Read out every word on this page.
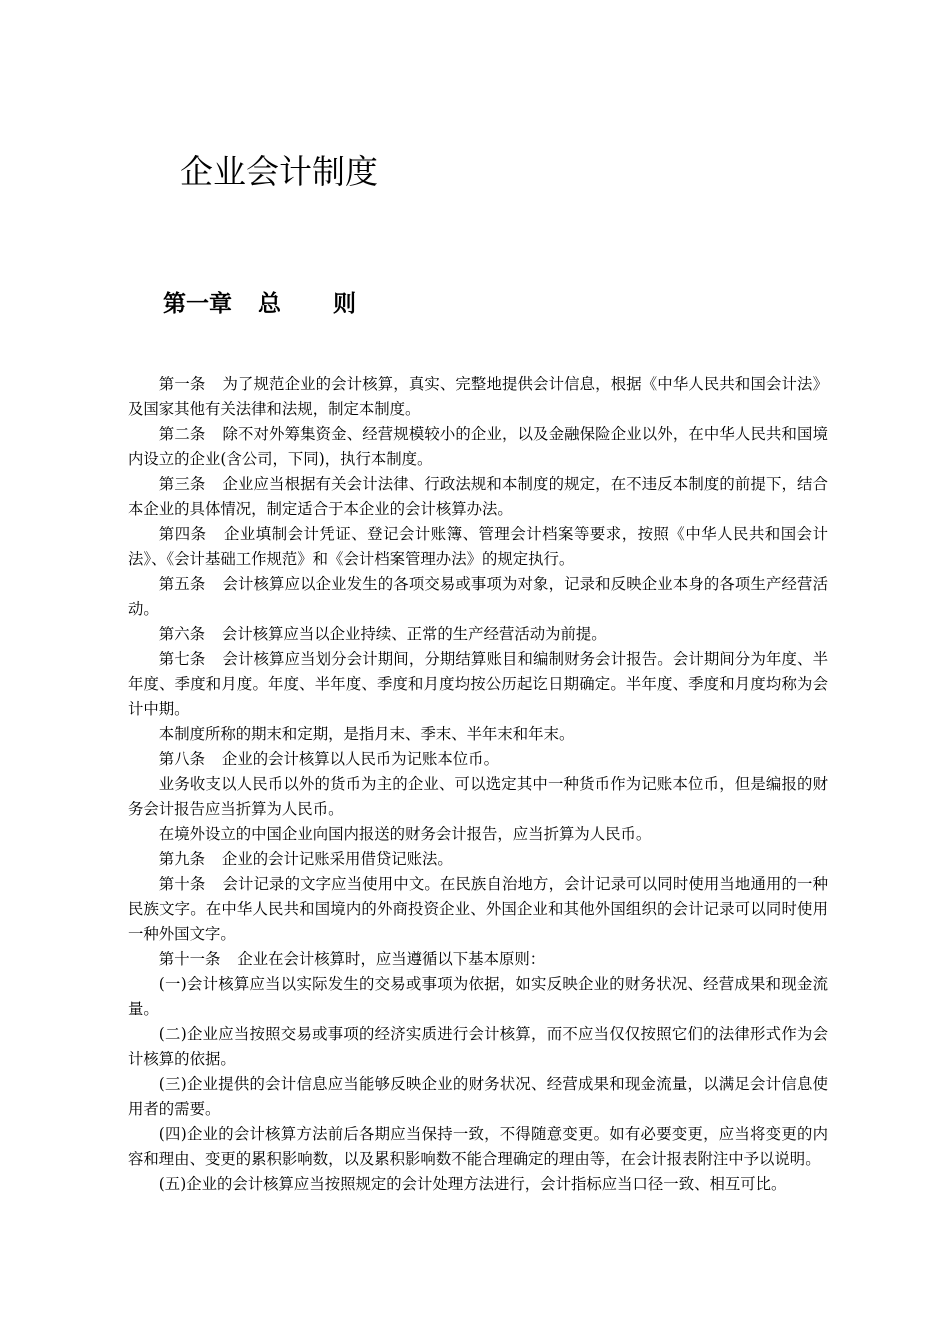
企业会计制度
第一章 总 则

第一条 为了规范企业的会计核算，真实、完整地提供会计信息，根据《中华人民共和国会计法》及国家其他有关法律和法规，制定本制度。

第二条 除不对外筹集资金、经营规模较小的企业，以及金融保险企业以外，在中华人民共和国境内设立的企业(含公司，下同)，执行本制度。

第三条 企业应当根据有关会计法律、行政法规和本制度的规定，在不违反本制度的前提下，结合本企业的具体情况，制定适合于本企业的会计核算办法。

第四条 企业填制会计凭证、登记会计账簿、管理会计档案等要求，按照《中华人民共和国会计法》、《会计基础工作规范》和《会计档案管理办法》的规定执行。

第五条 会计核算应以企业发生的各项交易或事项为对象，记录和反映企业本身的各项生产经营活动。

第六条 会计核算应当以企业持续、正常的生产经营活动为前提。

第七条 会计核算应当划分会计期间，分期结算账目和编制财务会计报告。会计期间分为年度、半年度、季度和月度。年度、半年度、季度和月度均按公历起讫日期确定。半年度、季度和月度均称为会计中期。

本制度所称的期末和定期，是指月末、季末、半年末和年末。

第八条 企业的会计核算以人民币为记账本位币。

业务收支以人民币以外的货币为主的企业、可以选定其中一种货币作为记账本位币，但是编报的财务会计报告应当折算为人民币。

在境外设立的中国企业向国内报送的财务会计报告，应当折算为人民币。

第九条 企业的会计记账采用借贷记账法。

第十条 会计记录的文字应当使用中文。在民族自治地方，会计记录可以同时使用当地通用的一种民族文字。在中华人民共和国境内的外商投资企业、外国企业和其他外国组织的会计记录可以同时使用一种外国文字。

第十一条 企业在会计核算时，应当遵循以下基本原则：

(一)会计核算应当以实际发生的交易或事项为依据，如实反映企业的财务状况、经营成果和现金流量。

(二)企业应当按照交易或事项的经济实质进行会计核算，而不应当仅仅按照它们的法律形式作为会计核算的依据。

(三)企业提供的会计信息应当能够反映企业的财务状况、经营成果和现金流量，以满足会计信息使用者的需要。

(四)企业的会计核算方法前后各期应当保持一致，不得随意变更。如有必要变更，应当将变更的内容和理由、变更的累积影响数，以及累积影响数不能合理确定的理由等，在会计报表附注中予以说明。

(五)企业的会计核算应当按照规定的会计处理方法进行，会计指标应当口径一致、相互可比。
